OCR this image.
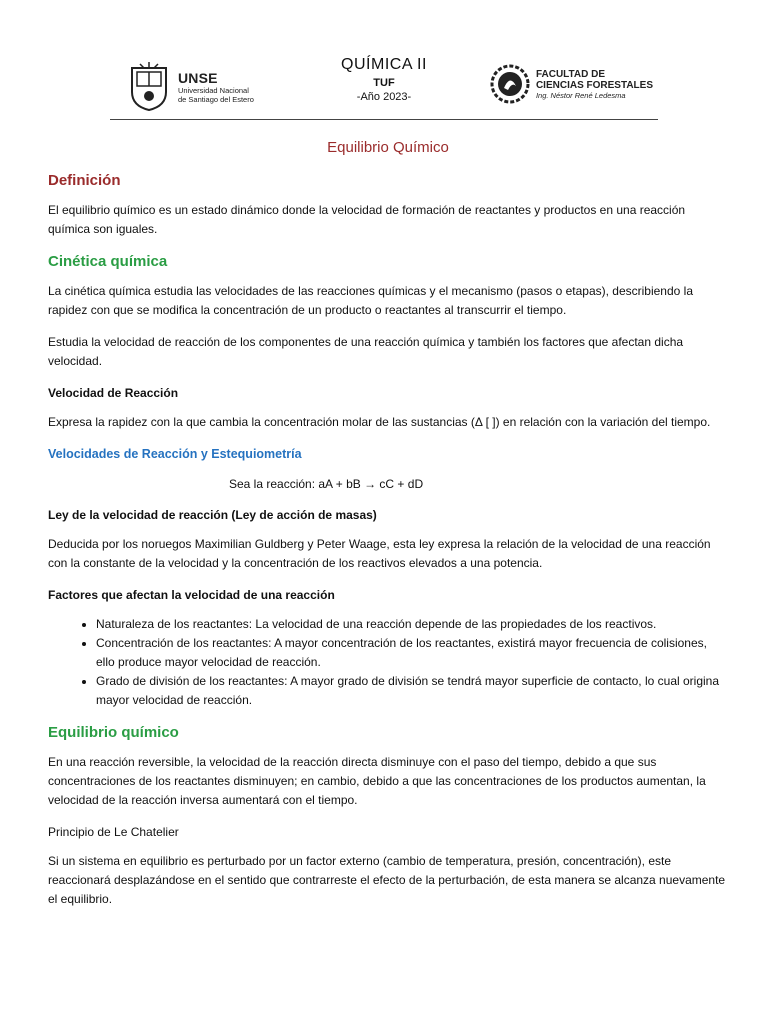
UNSE
Universidad Nacional
de Santiago del Estero
QUÍMICA II
TUF
-Año 2023-
FACULTAD DE
CIENCIAS FORESTALES
Ing. Néstor René Ledesma
Equilibrio Químico
Definición

El equilibrio químico es un estado dinámico donde la velocidad de formación de reactantes y productos en una reacción química son iguales.

Cinética química

La cinética química estudia las velocidades de las reacciones químicas y el mecanismo (pasos o etapas), describiendo la rapidez con que se modifica la concentración de un producto o reactantes al transcurrir el tiempo.

Estudia la velocidad de reacción de los componentes de una reacción química y también los factores que afectan dicha velocidad.

Velocidad de Reacción

Expresa la rapidez con la que cambia la concentración molar de las sustancias (Δ [ ]) en relación con la variación del tiempo.

Velocidades de Reacción y Estequiometría
Sea la reacción: aA + bB → cC + dD
Ley de la velocidad de reacción (Ley de acción de masas)

Deducida por los noruegos Maximilian Guldberg y Peter Waage, esta ley expresa la relación de la velocidad de una reacción con la constante de la velocidad y la concentración de los reactivos elevados a una potencia.

Factores que afectan la velocidad de una reacción
• Naturaleza de los reactantes: La velocidad de una reacción depende de las propiedades de los reactivos.
• Concentración de los reactantes: A mayor concentración de los reactantes, existirá mayor frecuencia de colisiones, ello produce mayor velocidad de reacción.
• Grado de división de los reactantes: A mayor grado de división se tendrá mayor superficie de contacto, lo cual origina mayor velocidad de reacción.
Equilibrio químico

En una reacción reversible, la velocidad de la reacción directa disminuye con el paso del tiempo, debido a que sus concentraciones de los reactantes disminuyen; en cambio, debido a que las concentraciones de los productos aumentan, la velocidad de la reacción inversa aumentará con el tiempo.

Principio de Le Chatelier

Si un sistema en equilibrio es perturbado por un factor externo (cambio de temperatura, presión, concentración), este reaccionará desplazándose en el sentido que contrarreste el efecto de la perturbación, de esta manera se alcanza nuevamente el equilibrio.
